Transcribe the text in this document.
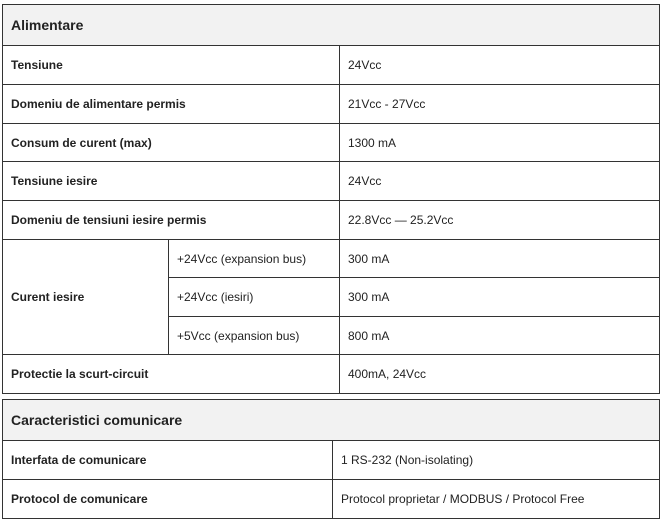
Alimentare		
Tensiune		24Vcc
Domeniu de alimentare permis		21Vcc - 27Vcc
Consum de curent (max)		1300 mA
Tensiune iesire		24Vcc
Domeniu de tensiuni iesire permis		22.8Vcc — 25.2Vcc
Curent iesire	+24Vcc (expansion bus)	300 mA
	+24Vcc (iesiri)	300 mA
	+5Vcc (expansion bus)	800 mA
Protectie la scurt-circuit		400mA, 24Vcc
Caracteristici comunicare	
Interfata de comunicare	1 RS-232 (Non-isolating)
Protocol de comunicare	Protocol proprietar / MODBUS / Protocol Free
